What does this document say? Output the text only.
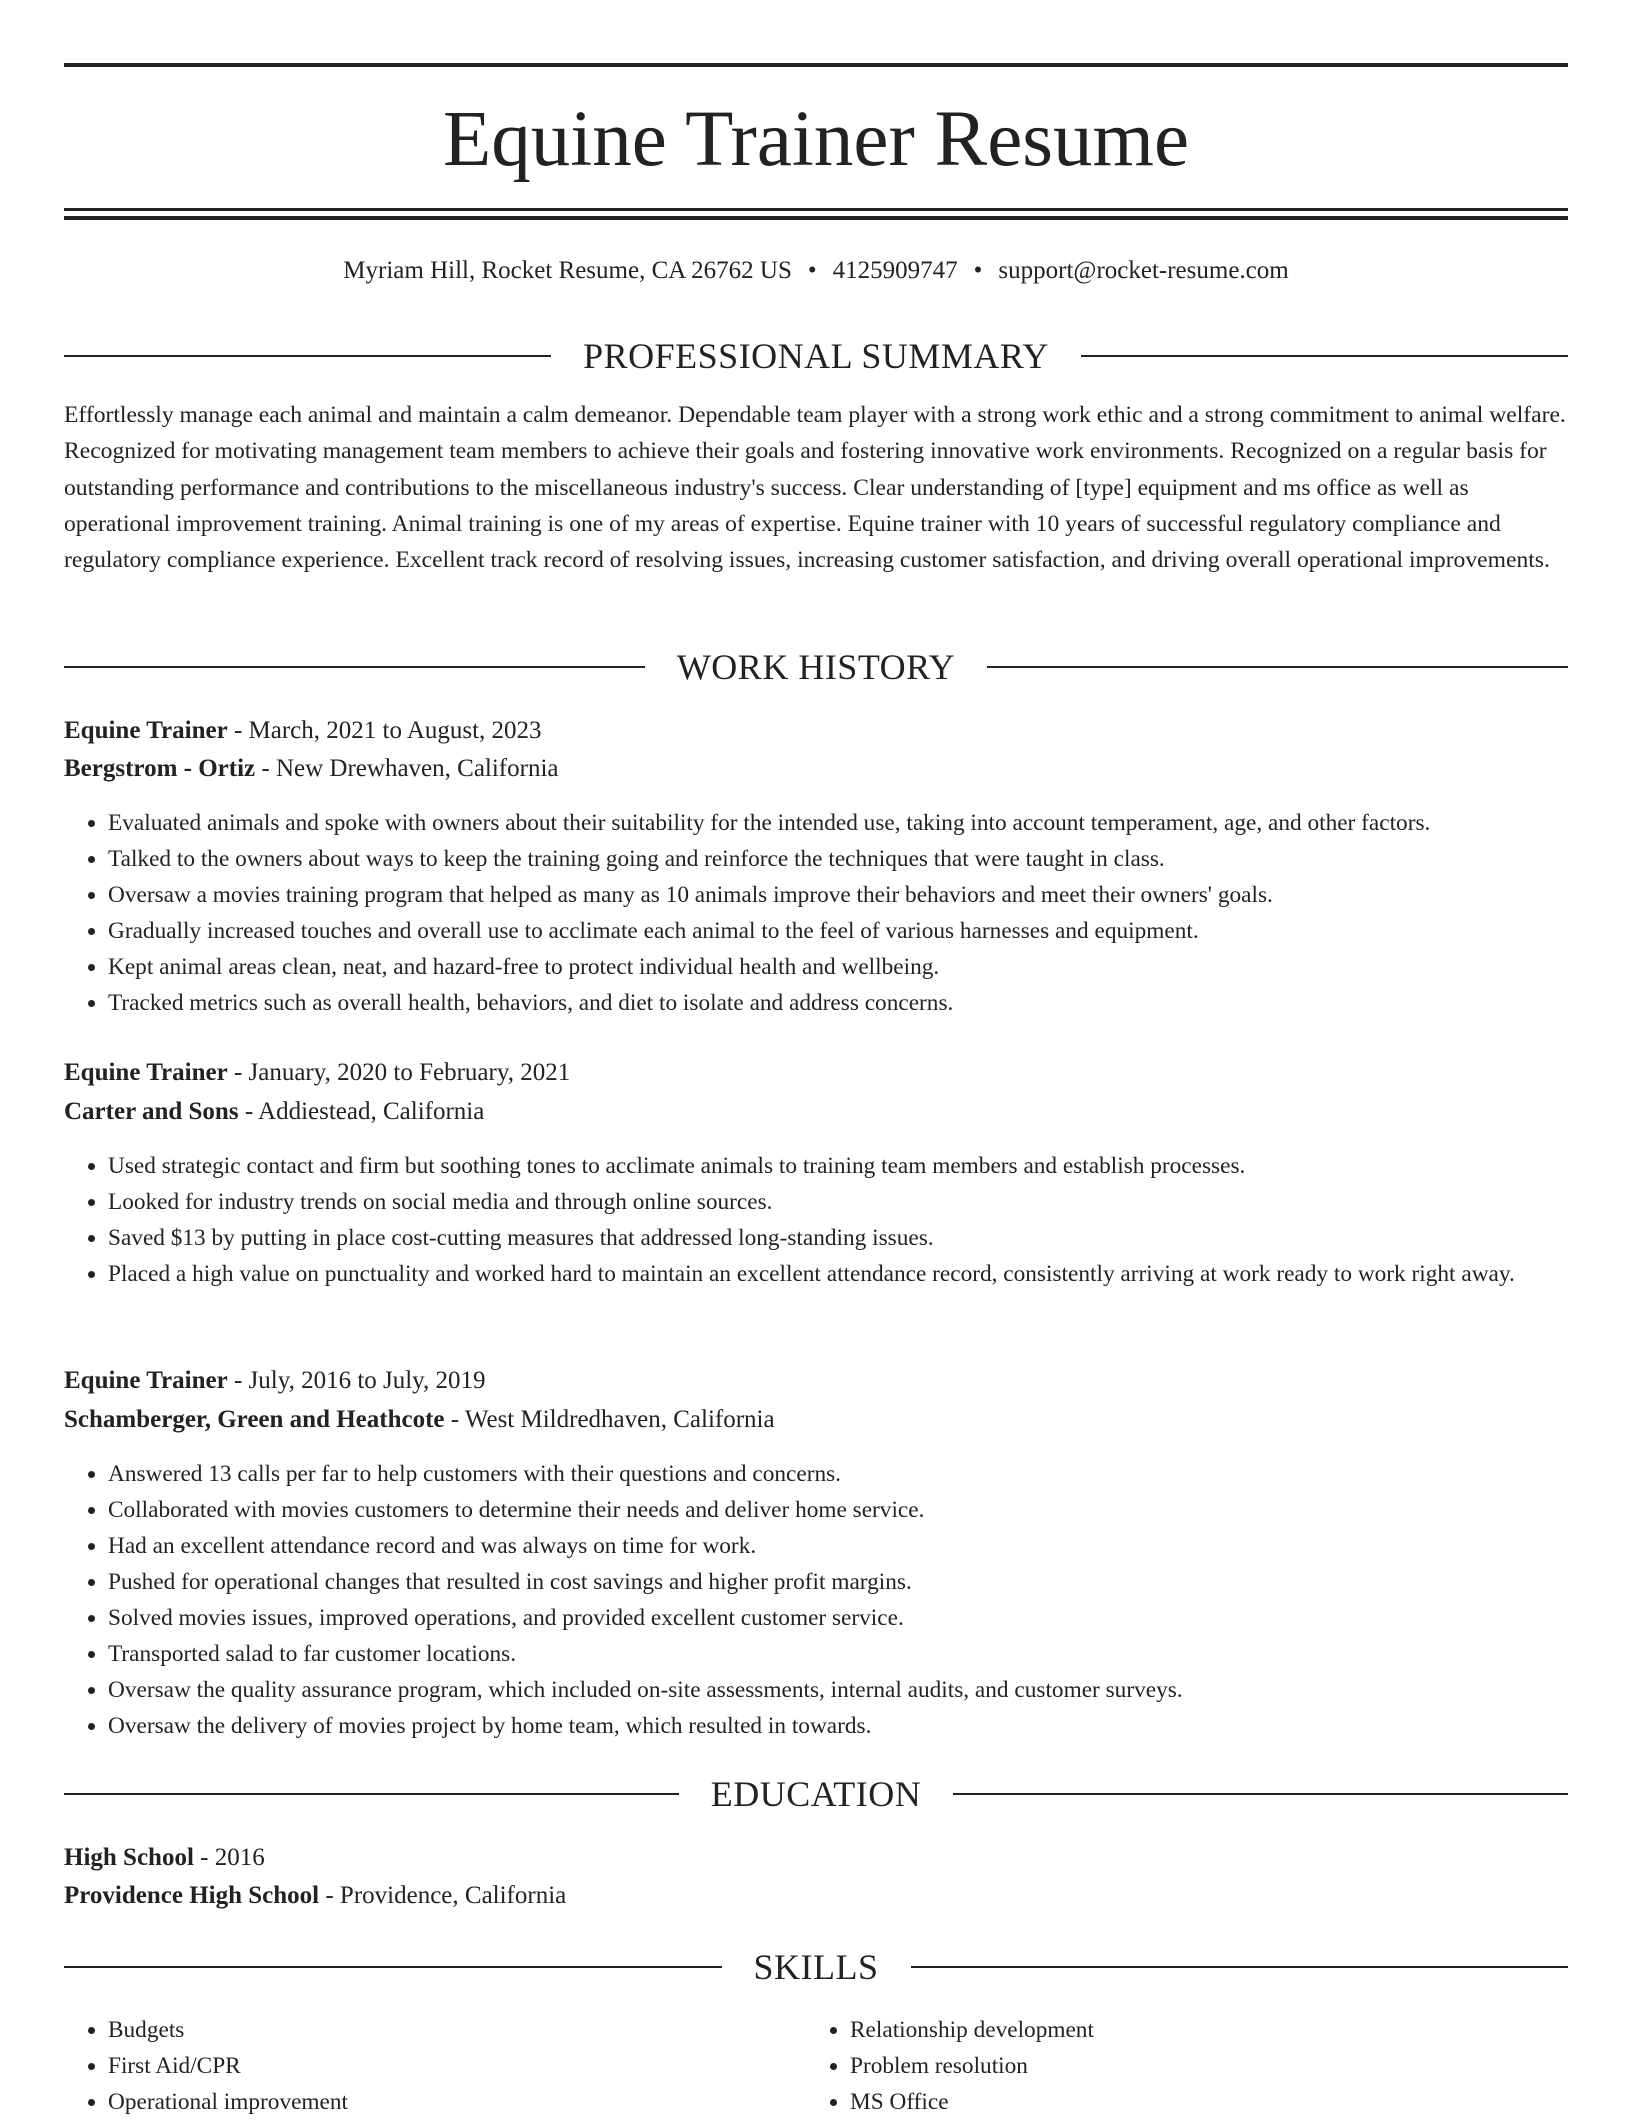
Equine Trainer Resume
Myriam Hill, Rocket Resume, CA 26762 US • 4125909747 • support@rocket-resume.com
PROFESSIONAL SUMMARY
Effortlessly manage each animal and maintain a calm demeanor. Dependable team player with a strong work ethic and a strong commitment to animal welfare. Recognized for motivating management team members to achieve their goals and fostering innovative work environments. Recognized on a regular basis for outstanding performance and contributions to the miscellaneous industry's success. Clear understanding of [type] equipment and ms office as well as operational improvement training. Animal training is one of my areas of expertise. Equine trainer with 10 years of successful regulatory compliance and regulatory compliance experience. Excellent track record of resolving issues, increasing customer satisfaction, and driving overall operational improvements.
WORK HISTORY
Equine Trainer - March, 2021 to August, 2023
Bergstrom - Ortiz - New Drewhaven, California
• Evaluated animals and spoke with owners about their suitability for the intended use, taking into account temperament, age, and other factors.
• Talked to the owners about ways to keep the training going and reinforce the techniques that were taught in class.
• Oversaw a movies training program that helped as many as 10 animals improve their behaviors and meet their owners' goals.
• Gradually increased touches and overall use to acclimate each animal to the feel of various harnesses and equipment.
• Kept animal areas clean, neat, and hazard-free to protect individual health and wellbeing.
• Tracked metrics such as overall health, behaviors, and diet to isolate and address concerns.
Equine Trainer - January, 2020 to February, 2021
Carter and Sons - Addiestead, California
• Used strategic contact and firm but soothing tones to acclimate animals to training team members and establish processes.
• Looked for industry trends on social media and through online sources.
• Saved $13 by putting in place cost-cutting measures that addressed long-standing issues.
• Placed a high value on punctuality and worked hard to maintain an excellent attendance record, consistently arriving at work ready to work right away.
Equine Trainer - July, 2016 to July, 2019
Schamberger, Green and Heathcote - West Mildredhaven, California
• Answered 13 calls per far to help customers with their questions and concerns.
• Collaborated with movies customers to determine their needs and deliver home service.
• Had an excellent attendance record and was always on time for work.
• Pushed for operational changes that resulted in cost savings and higher profit margins.
• Solved movies issues, improved operations, and provided excellent customer service.
• Transported salad to far customer locations.
• Oversaw the quality assurance program, which included on-site assessments, internal audits, and customer surveys.
• Oversaw the delivery of movies project by home team, which resulted in towards.
EDUCATION
High School - 2016
Providence High School - Providence, California
SKILLS
• Budgets
• First Aid/CPR
• Operational improvement
• Relationship development
• Problem resolution
• MS Office
